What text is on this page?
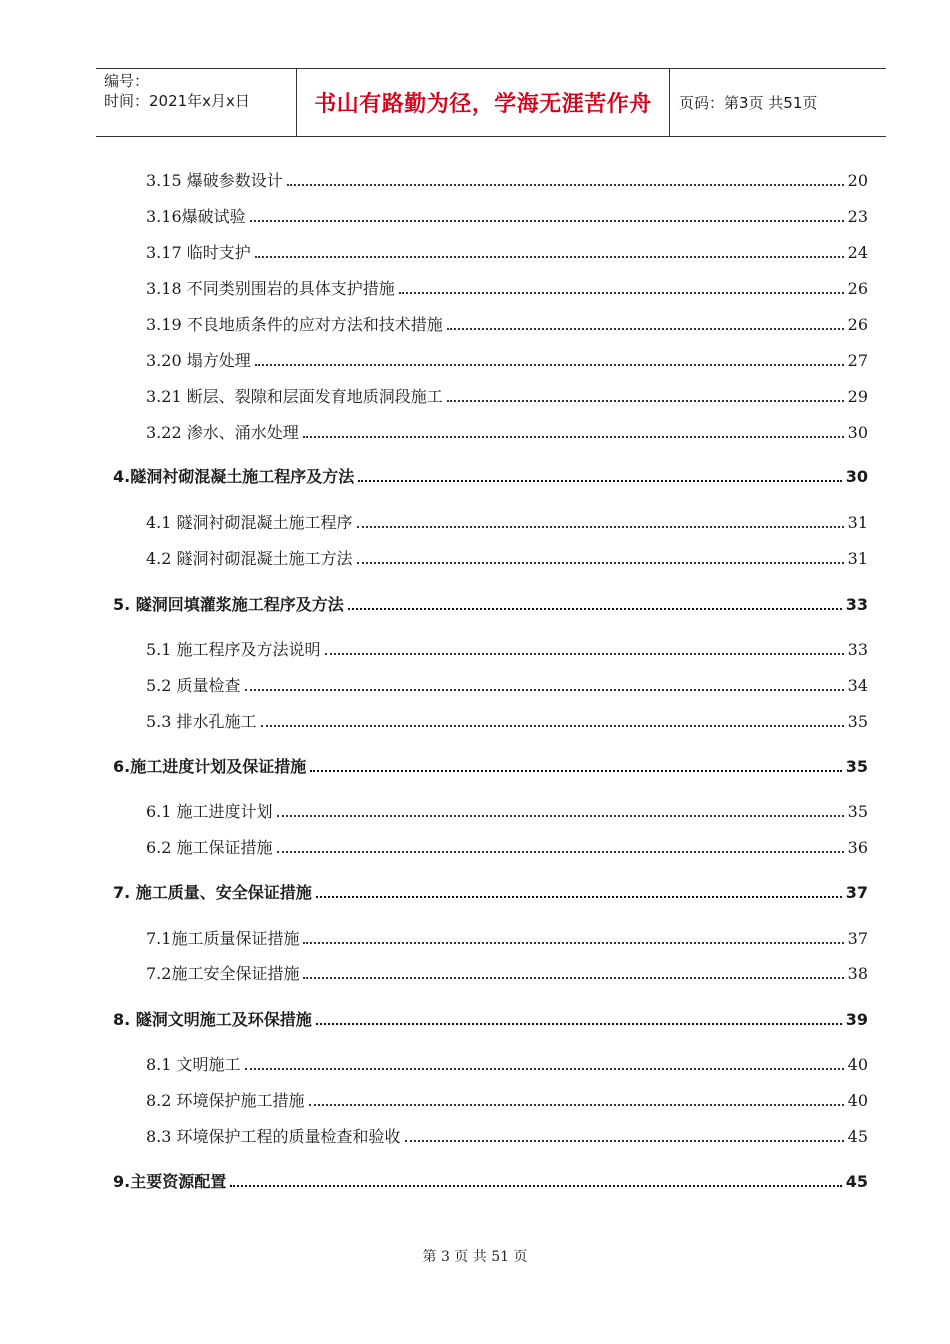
编号：
时间：2021年x月x日	书山有路勤为径，学海无涯苦作舟	页码：第3页 共51页
3.15 爆破参数设计	20
3.16爆破试验	23
3.17 临时支护	24
3.18 不同类别围岩的具体支护措施	26
3.19 不良地质条件的应对方法和技术措施	26
3.20 塌方处理	27
3.21 断层、裂隙和层面发育地质洞段施工	29
3.22 渗水、涌水处理	30
4.隧洞衬砌混凝土施工程序及方法	30
4.1 隧洞衬砌混凝土施工程序	31
4.2 隧洞衬砌混凝土施工方法	31
5. 隧洞回填灌浆施工程序及方法	33
5.1 施工程序及方法说明	33
5.2 质量检查	34
5.3 排水孔施工	35
6.施工进度计划及保证措施	35
6.1 施工进度计划	35
6.2 施工保证措施	36
7. 施工质量、安全保证措施	37
7.1施工质量保证措施	37
7.2施工安全保证措施	38
8. 隧洞文明施工及环保措施	39
8.1 文明施工	40
8.2 环境保护施工措施	40
8.3 环境保护工程的质量检查和验收	45
9.主要资源配置	45
第 3 页 共 51 页
